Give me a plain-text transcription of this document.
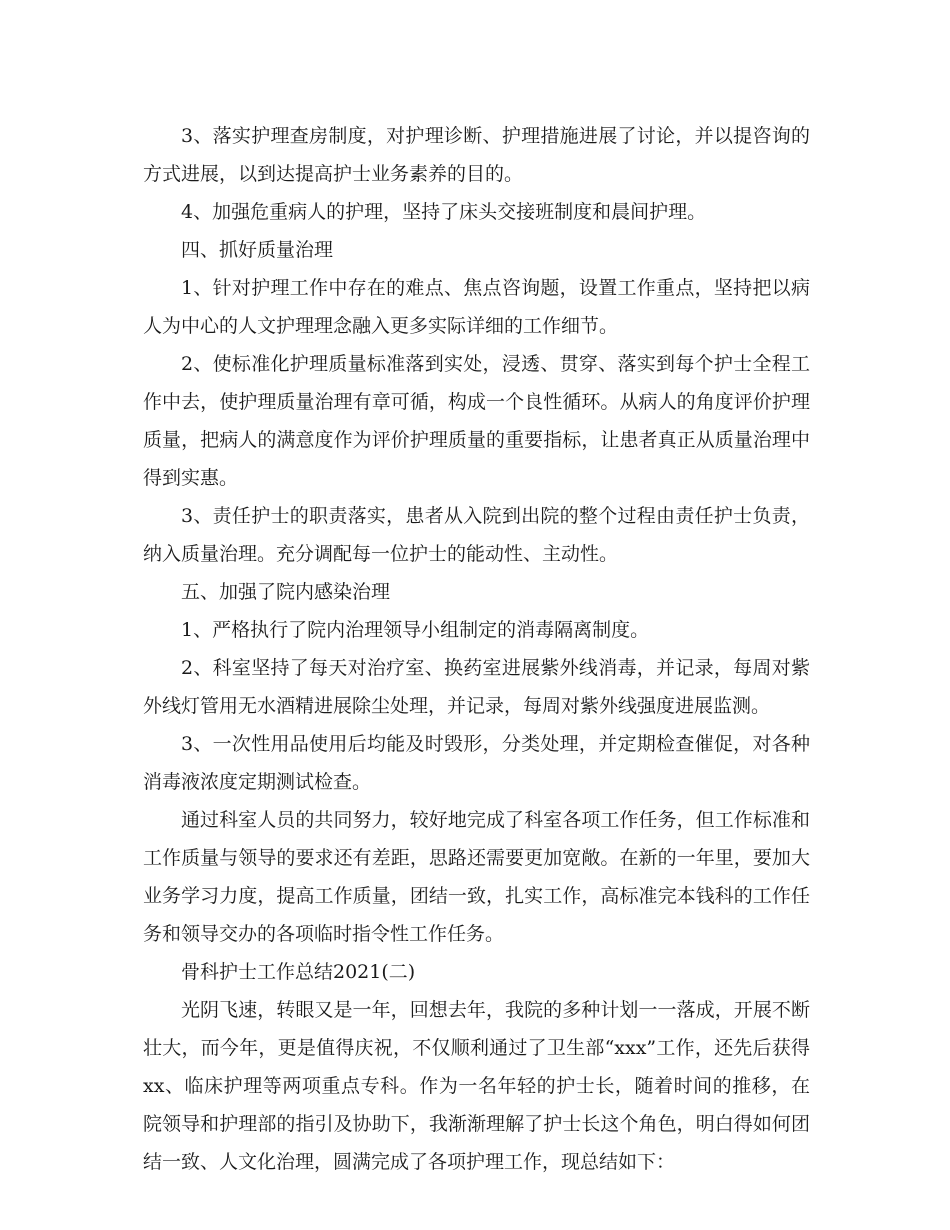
3、落实护理查房制度，对护理诊断、护理措施进展了讨论，并以提咨询的方式进展，以到达提高护士业务素养的目的。

4、加强危重病人的护理，坚持了床头交接班制度和晨间护理。

四、抓好质量治理

1、针对护理工作中存在的难点、焦点咨询题，设置工作重点，坚持把以病人为中心的人文护理理念融入更多实际详细的工作细节。

2、使标准化护理质量标准落到实处，浸透、贯穿、落实到每个护士全程工作中去，使护理质量治理有章可循，构成一个良性循环。从病人的角度评价护理质量，把病人的满意度作为评价护理质量的重要指标，让患者真正从质量治理中得到实惠。

3、责任护士的职责落实，患者从入院到出院的整个过程由责任护士负责，纳入质量治理。充分调配每一位护士的能动性、主动性。

五、加强了院内感染治理

1、严格执行了院内治理领导小组制定的消毒隔离制度。

2、科室坚持了每天对治疗室、换药室进展紫外线消毒，并记录，每周对紫外线灯管用无水酒精进展除尘处理，并记录，每周对紫外线强度进展监测。

3、一次性用品使用后均能及时毁形，分类处理，并定期检查催促，对各种消毒液浓度定期测试检查。

通过科室人员的共同努力，较好地完成了科室各项工作任务，但工作标准和工作质量与领导的要求还有差距，思路还需要更加宽敞。在新的一年里，要加大业务学习力度，提高工作质量，团结一致，扎实工作，高标准完本钱科的工作任务和领导交办的各项临时指令性工作任务。

骨科护士工作总结2021(二)

光阴飞速，转眼又是一年，回想去年，我院的多种计划一一落成，开展不断壮大，而今年，更是值得庆祝，不仅顺利通过了卫生部“xxx”工作，还先后获得xx、临床护理等两项重点专科。作为一名年轻的护士长，随着时间的推移，在院领导和护理部的指引及协助下，我渐渐理解了护士长这个角色，明白得如何团结一致、人文化治理，圆满完成了各项护理工作，现总结如下：
